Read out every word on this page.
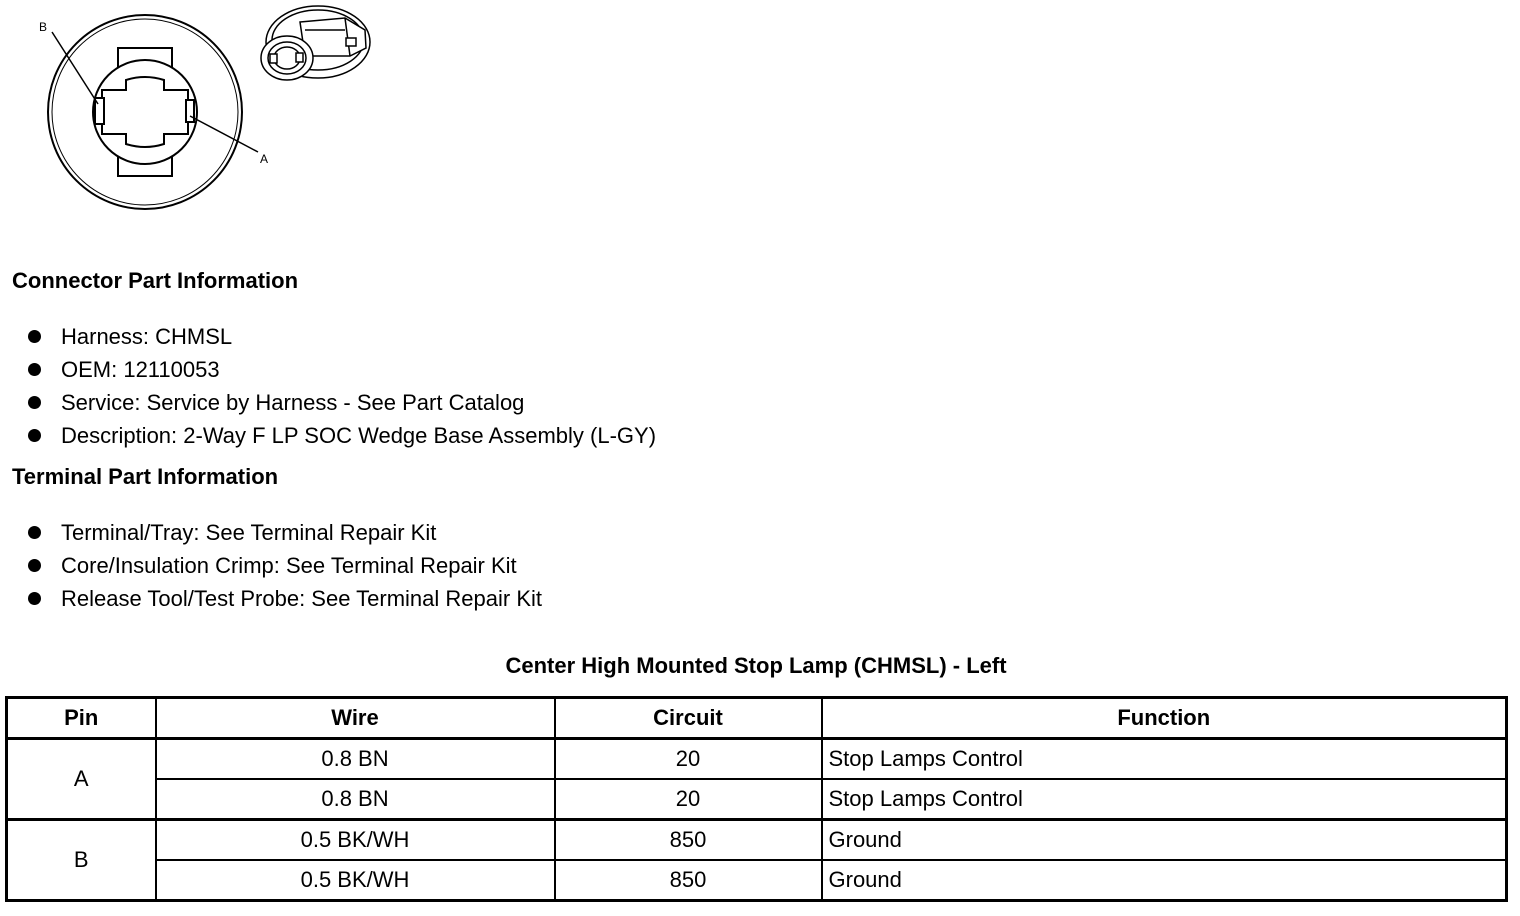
B
A
Connector Part Information
Harness: CHMSL
OEM: 12110053
Service: Service by Harness - See Part Catalog
Description: 2-Way F LP SOC Wedge Base Assembly (L-GY)
Terminal Part Information
Terminal/Tray: See Terminal Repair Kit
Core/Insulation Crimp: See Terminal Repair Kit
Release Tool/Test Probe: See Terminal Repair Kit
Center High Mounted Stop Lamp (CHMSL) - Left
Pin	Wire	Circuit	Function
A	0.8 BN	20	Stop Lamps Control
	0.8 BN	20	Stop Lamps Control
B	0.5 BK/WH	850	Ground
	0.5 BK/WH	850	Ground
